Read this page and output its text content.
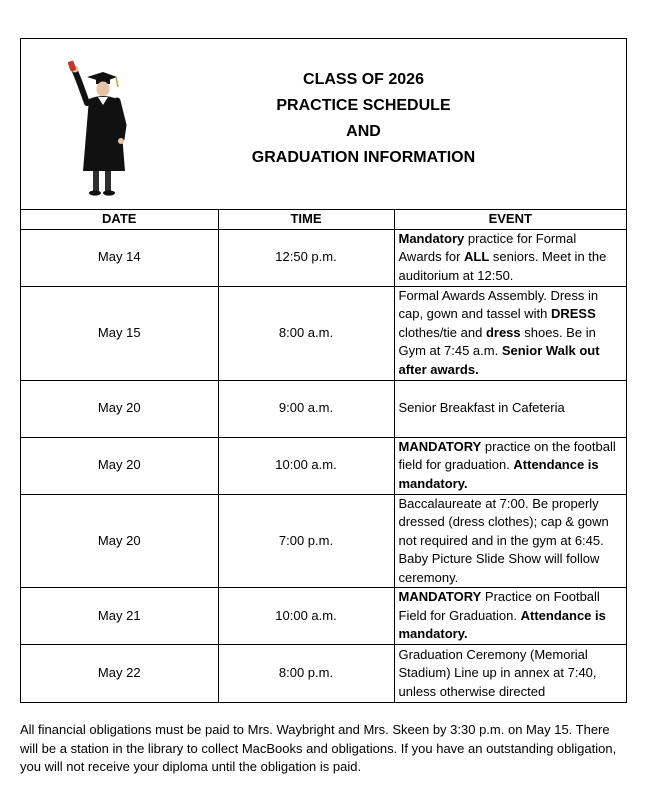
CLASS OF 2026
PRACTICE SCHEDULE
AND
GRADUATION INFORMATION
DATE	TIME	EVENT
May 14	12:50 p.m.	Mandatory practice for Formal Awards for ALL seniors. Meet in the auditorium at 12:50.
May 15	8:00 a.m.	Formal Awards Assembly. Dress in cap, gown and tassel with DRESS clothes/tie and dress shoes. Be in Gym at 7:45 a.m. Senior Walk out after awards.
May 20	9:00 a.m.	Senior Breakfast in Cafeteria
May 20	10:00 a.m.	MANDATORY practice on the football field for graduation. Attendance is mandatory.
May 20	7:00 p.m.	Baccalaureate at 7:00. Be properly dressed (dress clothes); cap & gown not required and in the gym at 6:45. Baby Picture Slide Show will follow ceremony.
May 21	10:00 a.m.	MANDATORY Practice on Football Field for Graduation. Attendance is mandatory.
May 22	8:00 p.m.	Graduation Ceremony (Memorial Stadium) Line up in annex at 7:40, unless otherwise directed
All financial obligations must be paid to Mrs. Waybright and Mrs. Skeen by 3:30 p.m. on May 15. There will be a station in the library to collect MacBooks and obligations. If you have an outstanding obligation, you will not receive your diploma until the obligation is paid.
